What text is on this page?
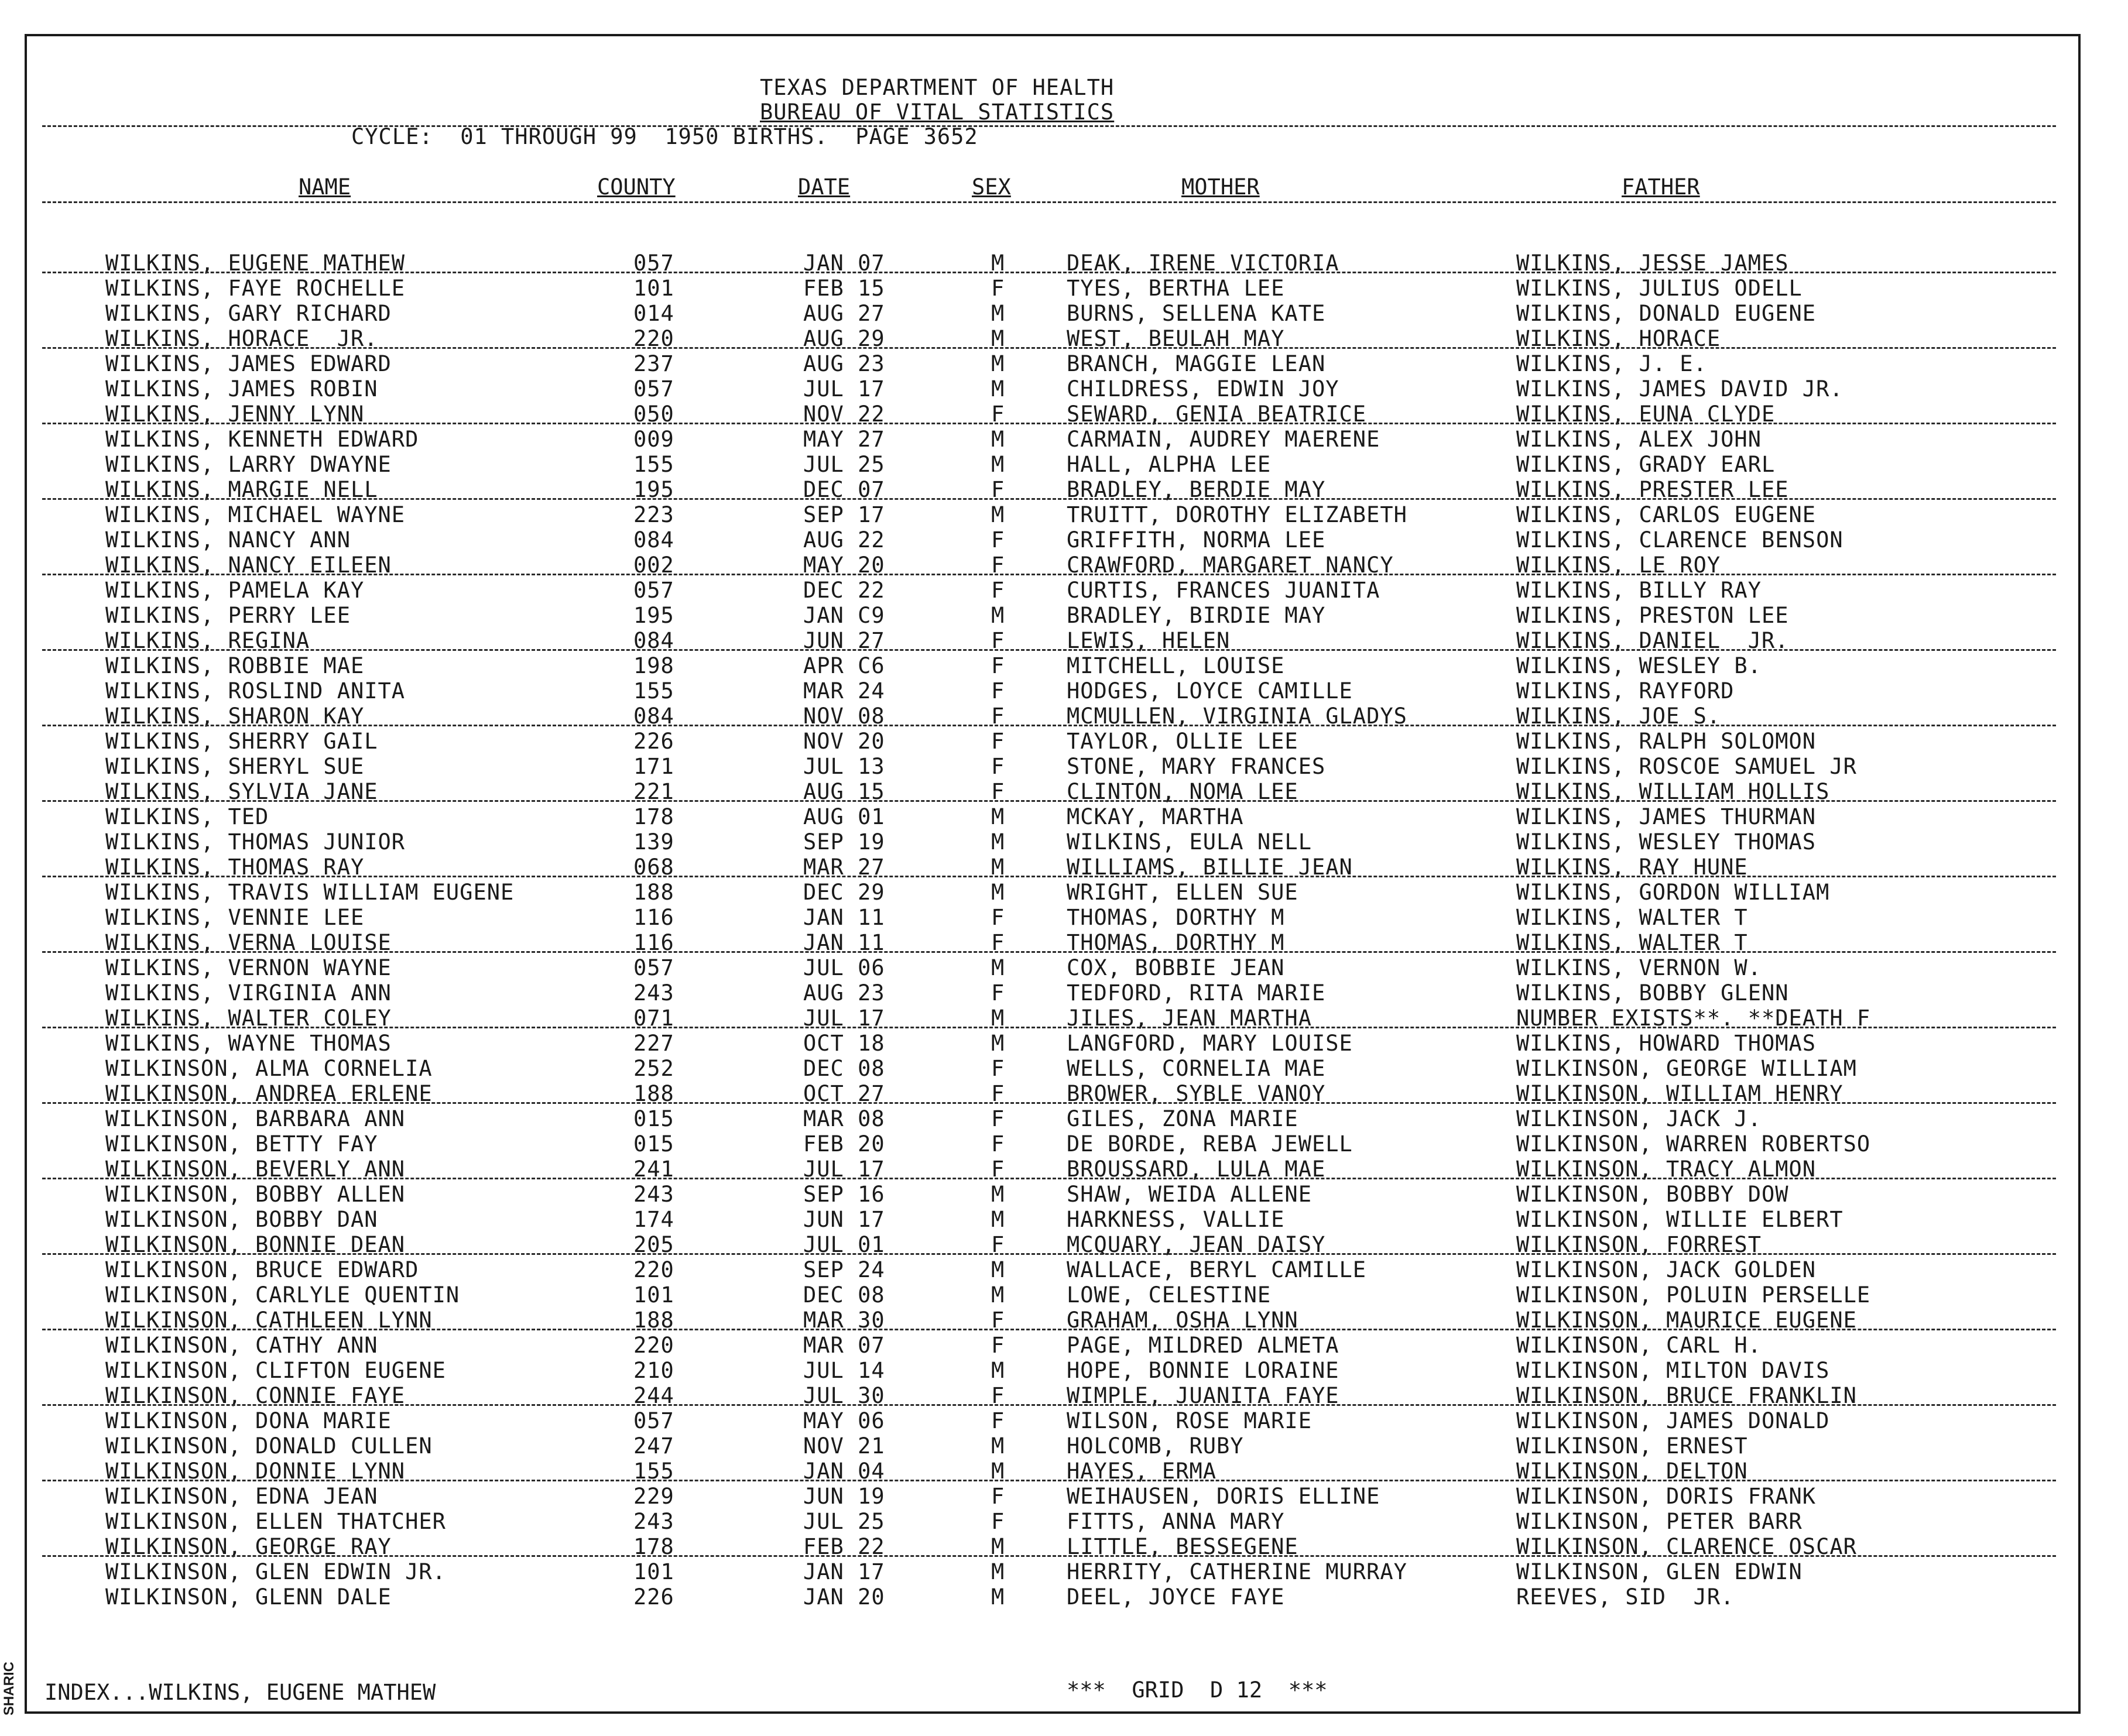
SHARIC
TEXAS DEPARTMENT OF HEALTH
BUREAU OF VITAL STATISTICS
CYCLE:  01 THROUGH 99  1950 BIRTHS.  PAGE 3652
NAME	COUNTY	DATE	SEX	MOTHER	FATHER
WILKINS, EUGENE MATHEW	057	JAN 07	M	DEAK, IRENE VICTORIA	WILKINS, JESSE JAMES
WILKINS, FAYE ROCHELLE	101	FEB 15	F	TYES, BERTHA LEE	WILKINS, JULIUS ODELL
WILKINS, GARY RICHARD	014	AUG 27	M	BURNS, SELLENA KATE	WILKINS, DONALD EUGENE
WILKINS, HORACE  JR.	220	AUG 29	M	WEST, BEULAH MAY	WILKINS, HORACE
WILKINS, JAMES EDWARD	237	AUG 23	M	BRANCH, MAGGIE LEAN	WILKINS, J. E.
WILKINS, JAMES ROBIN	057	JUL 17	M	CHILDRESS, EDWIN JOY	WILKINS, JAMES DAVID JR.
WILKINS, JENNY LYNN	050	NOV 22	F	SEWARD, GENIA BEATRICE	WILKINS, EUNA CLYDE
WILKINS, KENNETH EDWARD	009	MAY 27	M	CARMAIN, AUDREY MAERENE	WILKINS, ALEX JOHN
WILKINS, LARRY DWAYNE	155	JUL 25	M	HALL, ALPHA LEE	WILKINS, GRADY EARL
WILKINS, MARGIE NELL	195	DEC 07	F	BRADLEY, BERDIE MAY	WILKINS, PRESTER LEE
WILKINS, MICHAEL WAYNE	223	SEP 17	M	TRUITT, DOROTHY ELIZABETH	WILKINS, CARLOS EUGENE
WILKINS, NANCY ANN	084	AUG 22	F	GRIFFITH, NORMA LEE	WILKINS, CLARENCE BENSON
WILKINS, NANCY EILEEN	002	MAY 20	F	CRAWFORD, MARGARET NANCY	WILKINS, LE ROY
WILKINS, PAMELA KAY	057	DEC 22	F	CURTIS, FRANCES JUANITA	WILKINS, BILLY RAY
WILKINS, PERRY LEE	195	JAN C9	M	BRADLEY, BIRDIE MAY	WILKINS, PRESTON LEE
WILKINS, REGINA	084	JUN 27	F	LEWIS, HELEN	WILKINS, DANIEL  JR.
WILKINS, ROBBIE MAE	198	APR C6	F	MITCHELL, LOUISE	WILKINS, WESLEY B.
WILKINS, ROSLIND ANITA	155	MAR 24	F	HODGES, LOYCE CAMILLE	WILKINS, RAYFORD
WILKINS, SHARON KAY	084	NOV 08	F	MCMULLEN, VIRGINIA GLADYS	WILKINS, JOE S.
WILKINS, SHERRY GAIL	226	NOV 20	F	TAYLOR, OLLIE LEE	WILKINS, RALPH SOLOMON
WILKINS, SHERYL SUE	171	JUL 13	F	STONE, MARY FRANCES	WILKINS, ROSCOE SAMUEL JR
WILKINS, SYLVIA JANE	221	AUG 15	F	CLINTON, NOMA LEE	WILKINS, WILLIAM HOLLIS
WILKINS, TED	178	AUG 01	M	MCKAY, MARTHA	WILKINS, JAMES THURMAN
WILKINS, THOMAS JUNIOR	139	SEP 19	M	WILKINS, EULA NELL	WILKINS, WESLEY THOMAS
WILKINS, THOMAS RAY	068	MAR 27	M	WILLIAMS, BILLIE JEAN	WILKINS, RAY HUNE
WILKINS, TRAVIS WILLIAM EUGENE	188	DEC 29	M	WRIGHT, ELLEN SUE	WILKINS, GORDON WILLIAM
WILKINS, VENNIE LEE	116	JAN 11	F	THOMAS, DORTHY M	WILKINS, WALTER T
WILKINS, VERNA LOUISE	116	JAN 11	F	THOMAS, DORTHY M	WILKINS, WALTER T
WILKINS, VERNON WAYNE	057	JUL 06	M	COX, BOBBIE JEAN	WILKINS, VERNON W.
WILKINS, VIRGINIA ANN	243	AUG 23	F	TEDFORD, RITA MARIE	WILKINS, BOBBY GLENN
WILKINS, WALTER COLEY	071	JUL 17	M	JILES, JEAN MARTHA	NUMBER EXISTS**. **DEATH F
WILKINS, WAYNE THOMAS	227	OCT 18	M	LANGFORD, MARY LOUISE	WILKINS, HOWARD THOMAS
WILKINSON, ALMA CORNELIA	252	DEC 08	F	WELLS, CORNELIA MAE	WILKINSON, GEORGE WILLIAM
WILKINSON, ANDREA ERLENE	188	OCT 27	F	BROWER, SYBLE VANOY	WILKINSON, WILLIAM HENRY
WILKINSON, BARBARA ANN	015	MAR 08	F	GILES, ZONA MARIE	WILKINSON, JACK J.
WILKINSON, BETTY FAY	015	FEB 20	F	DE BORDE, REBA JEWELL	WILKINSON, WARREN ROBERTSO
WILKINSON, BEVERLY ANN	241	JUL 17	F	BROUSSARD, LULA MAE	WILKINSON, TRACY ALMON
WILKINSON, BOBBY ALLEN	243	SEP 16	M	SHAW, WEIDA ALLENE	WILKINSON, BOBBY DOW
WILKINSON, BOBBY DAN	174	JUN 17	M	HARKNESS, VALLIE	WILKINSON, WILLIE ELBERT
WILKINSON, BONNIE DEAN	205	JUL 01	F	MCQUARY, JEAN DAISY	WILKINSON, FORREST
WILKINSON, BRUCE EDWARD	220	SEP 24	M	WALLACE, BERYL CAMILLE	WILKINSON, JACK GOLDEN
WILKINSON, CARLYLE QUENTIN	101	DEC 08	M	LOWE, CELESTINE	WILKINSON, POLUIN PERSELLE
WILKINSON, CATHLEEN LYNN	188	MAR 30	F	GRAHAM, OSHA LYNN	WILKINSON, MAURICE EUGENE
WILKINSON, CATHY ANN	220	MAR 07	F	PAGE, MILDRED ALMETA	WILKINSON, CARL H.
WILKINSON, CLIFTON EUGENE	210	JUL 14	M	HOPE, BONNIE LORAINE	WILKINSON, MILTON DAVIS
WILKINSON, CONNIE FAYE	244	JUL 30	F	WIMPLE, JUANITA FAYE	WILKINSON, BRUCE FRANKLIN
WILKINSON, DONA MARIE	057	MAY 06	F	WILSON, ROSE MARIE	WILKINSON, JAMES DONALD
WILKINSON, DONALD CULLEN	247	NOV 21	M	HOLCOMB, RUBY	WILKINSON, ERNEST
WILKINSON, DONNIE LYNN	155	JAN 04	M	HAYES, ERMA	WILKINSON, DELTON
WILKINSON, EDNA JEAN	229	JUN 19	F	WEIHAUSEN, DORIS ELLINE	WILKINSON, DORIS FRANK
WILKINSON, ELLEN THATCHER	243	JUL 25	F	FITTS, ANNA MARY	WILKINSON, PETER BARR
WILKINSON, GEORGE RAY	178	FEB 22	M	LITTLE, BESSEGENE	WILKINSON, CLARENCE OSCAR
WILKINSON, GLEN EDWIN JR.	101	JAN 17	M	HERRITY, CATHERINE MURRAY	WILKINSON, GLEN EDWIN
WILKINSON, GLENN DALE	226	JAN 20	M	DEEL, JOYCE FAYE	REEVES, SID  JR.
INDEX...WILKINS, EUGENE MATHEW	***  GRID  D 12  ***
